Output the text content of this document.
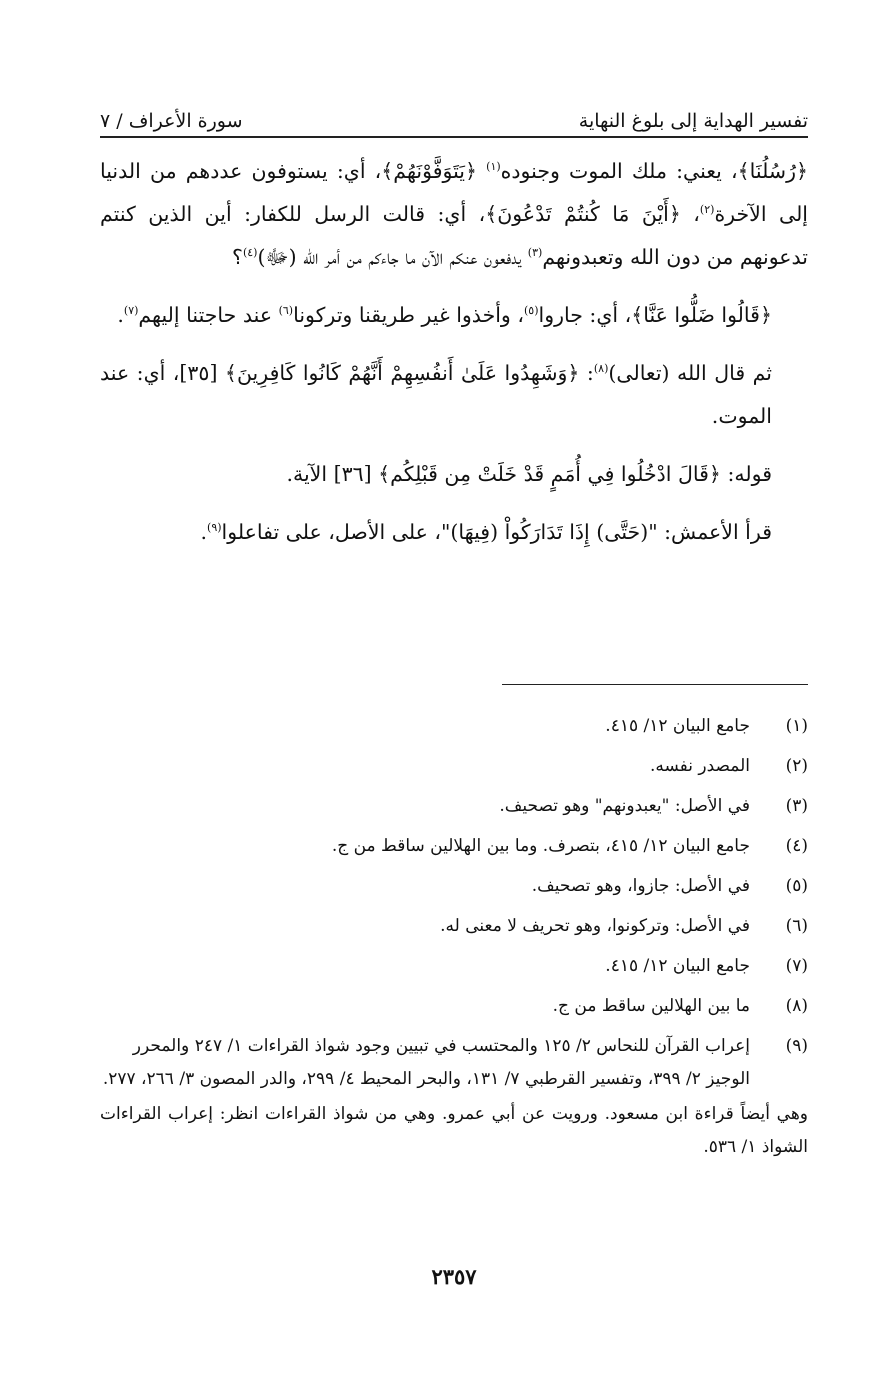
تفسير الهداية إلى بلوغ النهاية
سورة الأعراف / ٧

﴿رُسُلُنَا﴾، يعني: ملك الموت وجنوده$^{(١)}$ ﴿يَتَوَفَّوْنَهُمْ﴾، أي: يستوفون عددهم من الدنيا إلى الآخرة$^{(٢)}$، ﴿أَيْنَ مَا كُنتُمْ تَدْعُونَ﴾، أي: قالت الرسل للكفار: أين الذين كنتم تدعونهم من دون الله وتعبدونهم$^{(٣)}$ يدفعون عنكم الآن ما جاءكم من أمر الله (ﷻ)$^{(٤)}$؟

﴿قَالُوا ضَلُّوا عَنَّا﴾، أي: جاروا$^{(٥)}$، وأخذوا غير طريقنا وتركونا$^{(٦)}$ عند حاجتنا إليهم$^{(٧)}$.

ثم قال الله (تعالى)$^{(٨)}$: ﴿وَشَهِدُوا عَلَىٰ أَنفُسِهِمْ أَنَّهُمْ كَانُوا كَافِرِينَ﴾ [٣٥]، أي: عند الموت.

قوله: ﴿قَالَ ادْخُلُوا فِي أُمَمٍ قَدْ خَلَتْ مِن قَبْلِكُم﴾ [٣٦] الآية.

قرأ الأعمش: "(حَتَّى) إِذَا تَدَارَكُواْ (فِيهَا)"، على الأصل، على تفاعلوا$^{(٩)}$.

(١)
جامع البيان ١٢/ ٤١٥.
(٢)
المصدر نفسه.
(٣)
في الأصل: "يعبدونهم" وهو تصحيف.
(٤)
جامع البيان ١٢/ ٤١٥، بتصرف. وما بين الهلالين ساقط من ج.
(٥)
في الأصل: جازوا، وهو تصحيف.
(٦)
في الأصل: وتركونوا، وهو تحريف لا معنى له.
(٧)
جامع البيان ١٢/ ٤١٥.
(٨)
ما بين الهلالين ساقط من ج.
(٩)
إعراب القرآن للنحاس ٢/ ١٢٥ والمحتسب في تبيين وجود شواذ القراءات ١/ ٢٤٧ والمحرر الوجيز ٢/ ٣٩٩، وتفسير القرطبي ٧/ ١٣١، والبحر المحيط ٤/ ٢٩٩، والدر المصون ٣/ ٢٦٦، ٢٧٧.
وهي أيضاً قراءة ابن مسعود. ورويت عن أبي عمرو. وهي من شواذ القراءات انظر: إعراب القراءات الشواذ ١/ ٥٣٦.
٢٣٥٧
